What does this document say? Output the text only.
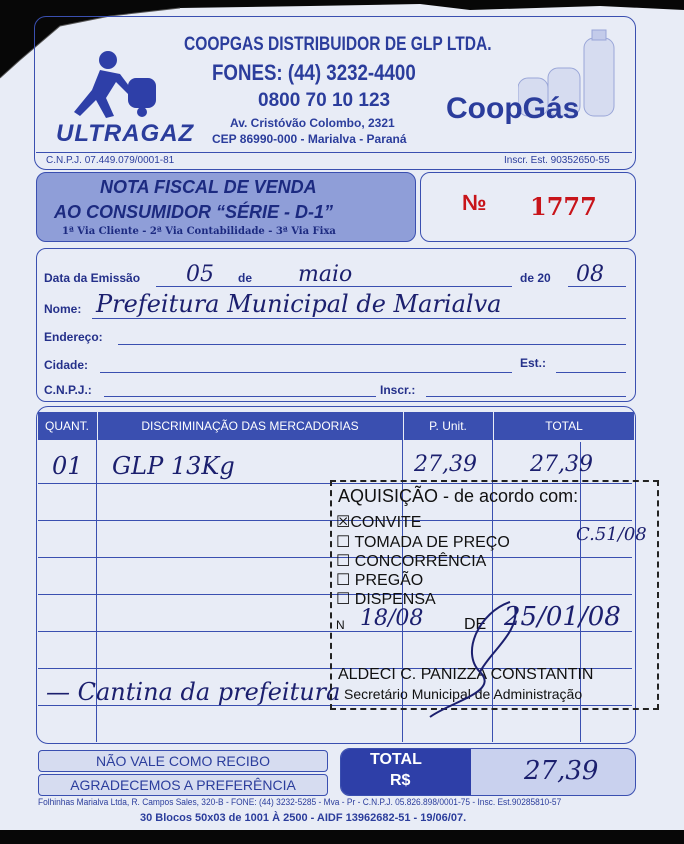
ULTRAGAZ
COOPGAS DISTRIBUIDOR DE GLP LTDA.
FONES: (44) 3232-4400
0800 70 10 123
Av. Cristóvão Colombo, 2321
CEP 86990-000 - Marialva - Paraná
CoopGás
C.N.P.J. 07.449.079/0001-81	Inscr. Est. 90352650-55
NOTA FISCAL DE VENDA
AO CONSUMIDOR “SÉRIE - D-1”
1ª Via Cliente - 2ª Via Contabilidade - 3ª Via Fixa
№ 1777
Data da Emissão 05 de maio	de 20 08
Nome: Prefeitura Municipal de Marialva
Endereço:
Cidade:	Est.:
C.N.P.J.:	Inscr.:
QUANT.	DISCRIMINAÇÃO DAS MERCADORIAS	P. Unit.	TOTAL
01 GLP 13Kg	27,39 27,39
— Cantina da prefeitura
AQUISIÇÃO - de acordo com:
☒CONVITE
☐ TOMADA DE PREÇO
☐ CONCORRÊNCIA
☐ PREGÃO
☐ DISPENSA
N 18/08	DE 25/01/08
C.51/08
ALDECI C. PANIZZA CONSTANTIN
Secretário Municipal de Administração
NÃO VALE COMO RECIBO
AGRADECEMOS A PREFERÊNCIA
TOTAL
R$	27,39
Folhinhas Marialva Ltda, R. Campos Sales, 320-B - FONE: (44) 3232-5285 - Mva - Pr - C.N.P.J. 05.826.898/0001-75 - Insc. Est.90285810-57
30 Blocos 50x03 de 1001 À 2500 - AIDF 13962682-51 - 19/06/07.
